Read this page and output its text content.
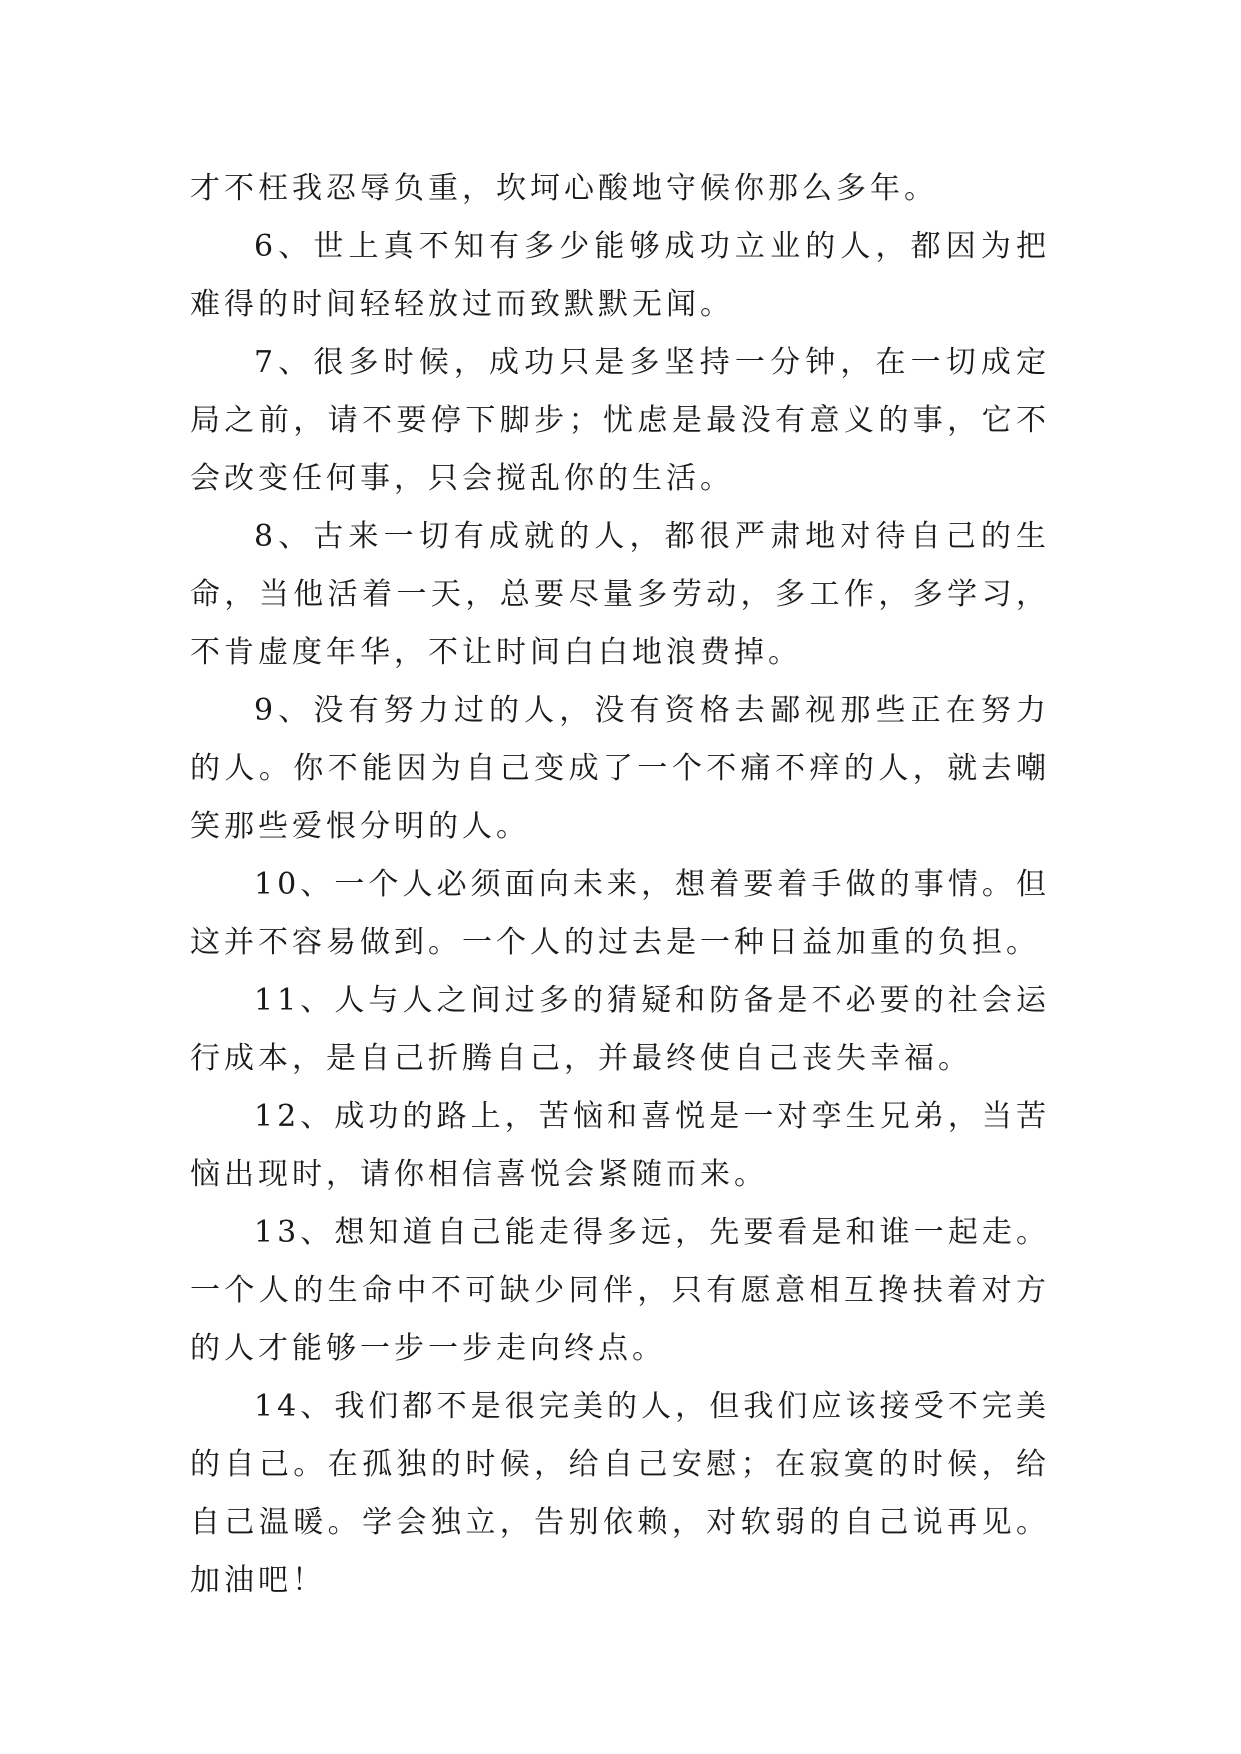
才不枉我忍辱负重，坎坷心酸地守候你那么多年。

6、世上真不知有多少能够成功立业的人，都因为把难得的时间轻轻放过而致默默无闻。

7、很多时候，成功只是多坚持一分钟，在一切成定局之前，请不要停下脚步；忧虑是最没有意义的事，它不会改变任何事，只会搅乱你的生活。

8、古来一切有成就的人，都很严肃地对待自己的生命，当他活着一天，总要尽量多劳动，多工作，多学习，不肯虚度年华，不让时间白白地浪费掉。

9、没有努力过的人，没有资格去鄙视那些正在努力的人。你不能因为自己变成了一个不痛不痒的人，就去嘲笑那些爱恨分明的人。

10、一个人必须面向未来，想着要着手做的事情。但这并不容易做到。一个人的过去是一种日益加重的负担。

11、人与人之间过多的猜疑和防备是不必要的社会运行成本，是自己折腾自己，并最终使自己丧失幸福。

12、成功的路上，苦恼和喜悦是一对孪生兄弟，当苦恼出现时，请你相信喜悦会紧随而来。

13、想知道自己能走得多远，先要看是和谁一起走。一个人的生命中不可缺少同伴，只有愿意相互搀扶着对方的人才能够一步一步走向终点。

14、我们都不是很完美的人，但我们应该接受不完美的自己。在孤独的时候，给自己安慰；在寂寞的时候，给自己温暖。学会独立，告别依赖，对软弱的自己说再见。加油吧！
